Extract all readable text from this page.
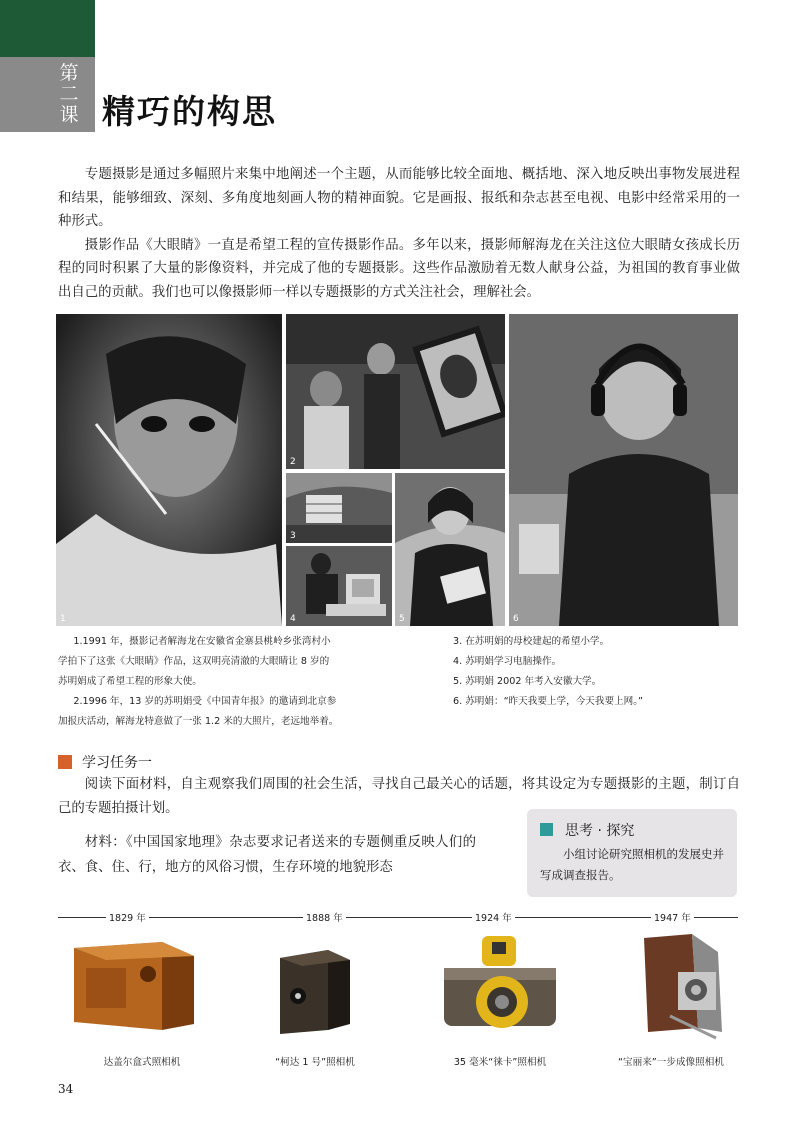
第二课 精巧的构思

专题摄影是通过多幅照片来集中地阐述一个主题，从而能够比较全面地、概括地、深入地反映出事物发展进程和结果，能够细致、深刻、多角度地刻画人物的精神面貌。它是画报、报纸和杂志甚至电视、电影中经常采用的一种形式。

摄影作品《大眼睛》一直是希望工程的宣传摄影作品。多年以来，摄影师解海龙在关注这位大眼睛女孩成长历程的同时积累了大量的影像资料，并完成了他的专题摄影。这些作品激励着无数人献身公益，为祖国的教育事业做出自己的贡献。我们也可以像摄影师一样以专题摄影的方式关注社会，理解社会。

1
2
3
4	5	6

1.1991 年，摄影记者解海龙在安徽省金寨县桃岭乡张湾村小

学拍下了这张《大眼睛》作品，这双明亮清澈的大眼睛让 8 岁的

苏明娟成了希望工程的形象大使。

2.1996 年，13 岁的苏明娟受《中国青年报》的邀请到北京参

加报庆活动，解海龙特意做了一张 1.2 米的大照片，老远地举着。

3. 在苏明娟的母校建起的希望小学。

4. 苏明娟学习电脑操作。

5. 苏明娟 2002 年考入安徽大学。

6. 苏明娟：“昨天我要上学，今天我要上网。”

学习任务一

阅读下面材料，自主观察我们周围的社会生活，寻找自己最关心的话题，将其设定为专题摄影的主题，制订自己的专题拍摄计划。

材料：《中国国家地理》杂志要求记者送来的专题侧重反映人们的衣、食、住、行，地方的风俗习惯，生存环境的地貌形态

思考 · 探究
小组讨论研究照相机的发展史并写成调查报告。
1829 年	1888 年	1924 年	1947 年
达盖尔盒式照相机	“柯达 1 号”照相机	35 毫米“徕卡”照相机	“宝丽来”一步成像照相机
34
